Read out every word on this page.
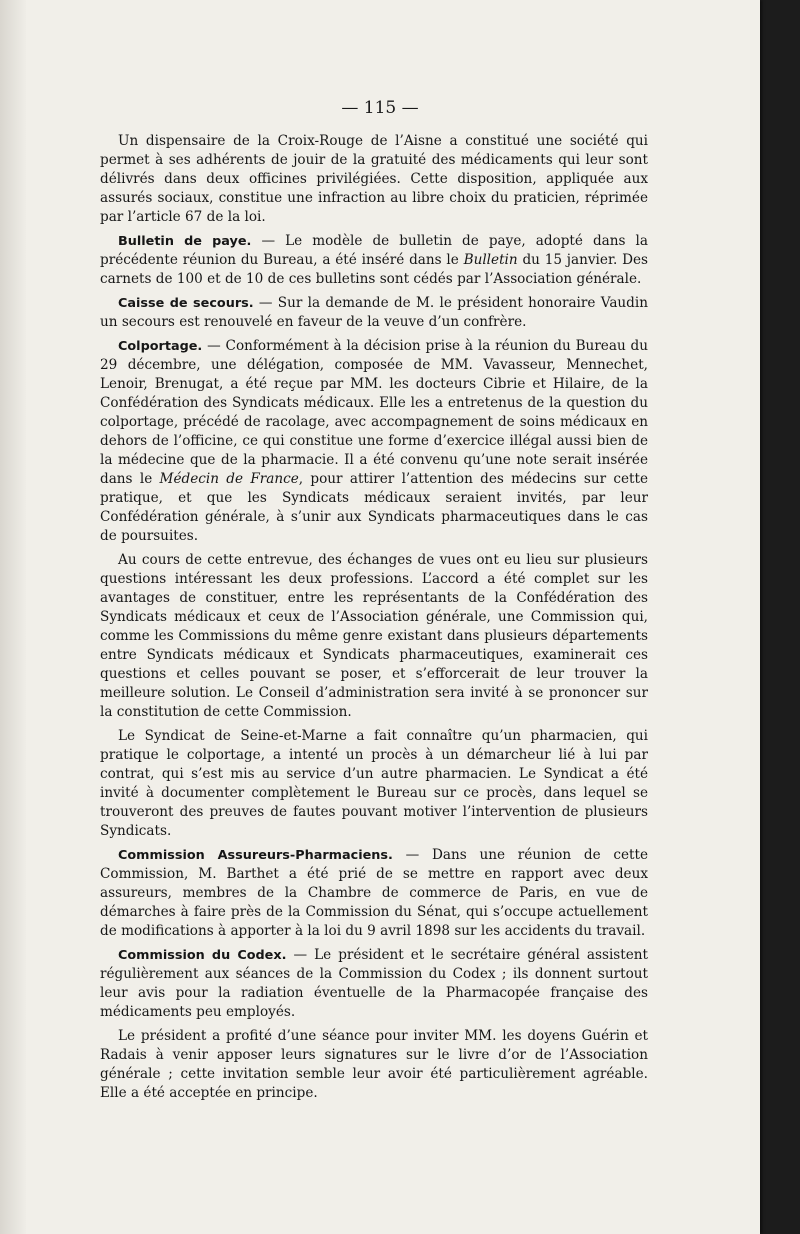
— 115 —

Un dispensaire de la Croix-Rouge de l’Aisne a constitué une société qui permet à ses adhérents de jouir de la gratuité des médicaments qui leur sont délivrés dans deux officines privilégiées. Cette disposition, appliquée aux assurés sociaux, constitue une infraction au libre choix du praticien, réprimée par l’article 67 de la loi.

Bulletin de paye. — Le modèle de bulletin de paye, adopté dans la précédente réunion du Bureau, a été inséré dans le Bulletin du 15 janvier. Des carnets de 100 et de 10 de ces bulletins sont cédés par l’Association générale.

Caisse de secours. — Sur la demande de M. le président honoraire Vaudin un secours est renouvelé en faveur de la veuve d’un confrère.

Colportage. — Conformément à la décision prise à la réunion du Bureau du 29 décembre, une délégation, composée de MM. Vavasseur, Mennechet, Lenoir, Brenugat, a été reçue par MM. les docteurs Cibrie et Hilaire, de la Confédération des Syndicats médicaux. Elle les a entretenus de la question du colportage, précédé de racolage, avec accompagnement de soins médicaux en dehors de l’officine, ce qui constitue une forme d’exercice illégal aussi bien de la médecine que de la pharmacie. Il a été convenu qu’une note serait insérée dans le Médecin de France, pour attirer l’attention des médecins sur cette pratique, et que les Syndicats médicaux seraient invités, par leur Confédération générale, à s’unir aux Syndicats pharmaceutiques dans le cas de poursuites.

Au cours de cette entrevue, des échanges de vues ont eu lieu sur plusieurs questions intéressant les deux professions. L’accord a été complet sur les avantages de constituer, entre les représentants de la Confédération des Syndicats médicaux et ceux de l’Association générale, une Commission qui, comme les Commissions du même genre existant dans plusieurs départements entre Syndicats médicaux et Syndicats pharmaceutiques, examinerait ces questions et celles pouvant se poser, et s’efforcerait de leur trouver la meilleure solution. Le Conseil d’administration sera invité à se prononcer sur la constitution de cette Commission.

Le Syndicat de Seine-et-Marne a fait connaître qu’un pharmacien, qui pratique le colportage, a intenté un procès à un démarcheur lié à lui par contrat, qui s’est mis au service d’un autre pharmacien. Le Syndicat a été invité à documenter complètement le Bureau sur ce procès, dans lequel se trouveront des preuves de fautes pouvant motiver l’intervention de plusieurs Syndicats.

Commission Assureurs-Pharmaciens. — Dans une réunion de cette Commission, M. Barthet a été prié de se mettre en rapport avec deux assureurs, membres de la Chambre de commerce de Paris, en vue de démarches à faire près de la Commission du Sénat, qui s’occupe actuellement de modifications à apporter à la loi du 9 avril 1898 sur les accidents du travail.

Commission du Codex. — Le président et le secrétaire général assistent régulièrement aux séances de la Commission du Codex ; ils donnent surtout leur avis pour la radiation éventuelle de la Pharmacopée française des médicaments peu employés.

Le président a profité d’une séance pour inviter MM. les doyens Guérin et Radais à venir apposer leurs signatures sur le livre d’or de l’Association générale ; cette invitation semble leur avoir été particulièrement agréable. Elle a été acceptée en principe.
